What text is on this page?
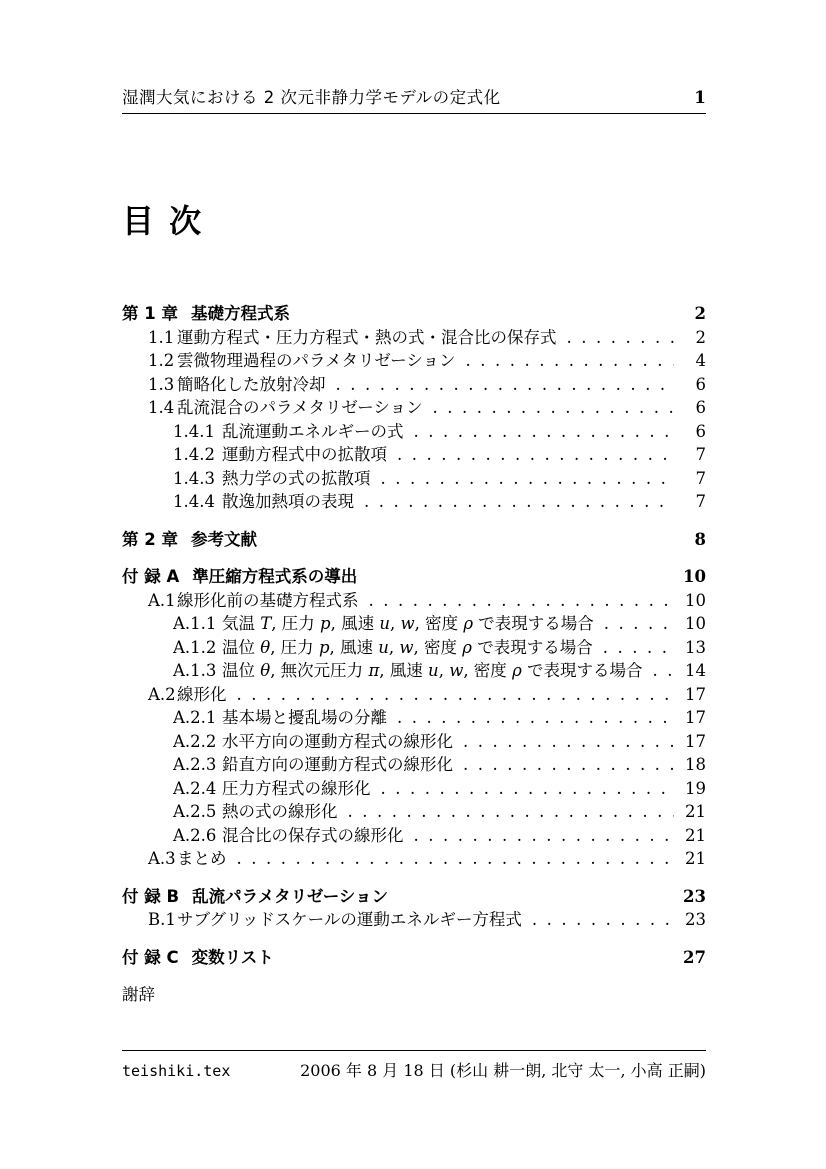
湿潤大気における 2 次元非静力学モデルの定式化	1
目 次
第 1 章 基礎方程式系	2
1.1 運動方程式・圧力方程式・熱の式・混合比の保存式 .....	2
1.2 雲微物理過程のパラメタリゼーション .....	4
1.3 簡略化した放射冷却 .....	6
1.4 乱流混合のパラメタリゼーション .....	6
1.4.1 乱流運動エネルギーの式 .....	6
1.4.2 運動方程式中の拡散項 .....	7
1.4.3 熱力学の式の拡散項 .....	7
1.4.4 散逸加熱項の表現 .....	7
第 2 章 参考文献	8
付 録 A 準圧縮方程式系の導出	10
A.1 線形化前の基礎方程式系 .....	10
A.1.1 気温 T, 圧力 p, 風速 u, w, 密度 ρ で表現する場合 .....	10
A.1.2 温位 θ, 圧力 p, 風速 u, w, 密度 ρ で表現する場合 .....	13
A.1.3 温位 θ, 無次元圧力 π, 風速 u, w, 密度 ρ で表現する場合 .....	14
A.2 線形化 .....	17
A.2.1 基本場と擾乱場の分離 .....	17
A.2.2 水平方向の運動方程式の線形化 .....	17
A.2.3 鉛直方向の運動方程式の線形化 .....	18
A.2.4 圧力方程式の線形化 .....	19
A.2.5 熱の式の線形化 .....	21
A.2.6 混合比の保存式の線形化 .....	21
A.3 まとめ .....	21
付 録 B 乱流パラメタリゼーション	23
B.1 サブグリッドスケールの運動エネルギー方程式 .....	23
付 録 C 変数リスト	27
謝辞
teishiki.tex	2006 年 8 月 18 日 (杉山 耕一朗, 北守 太一, 小高 正嗣)
